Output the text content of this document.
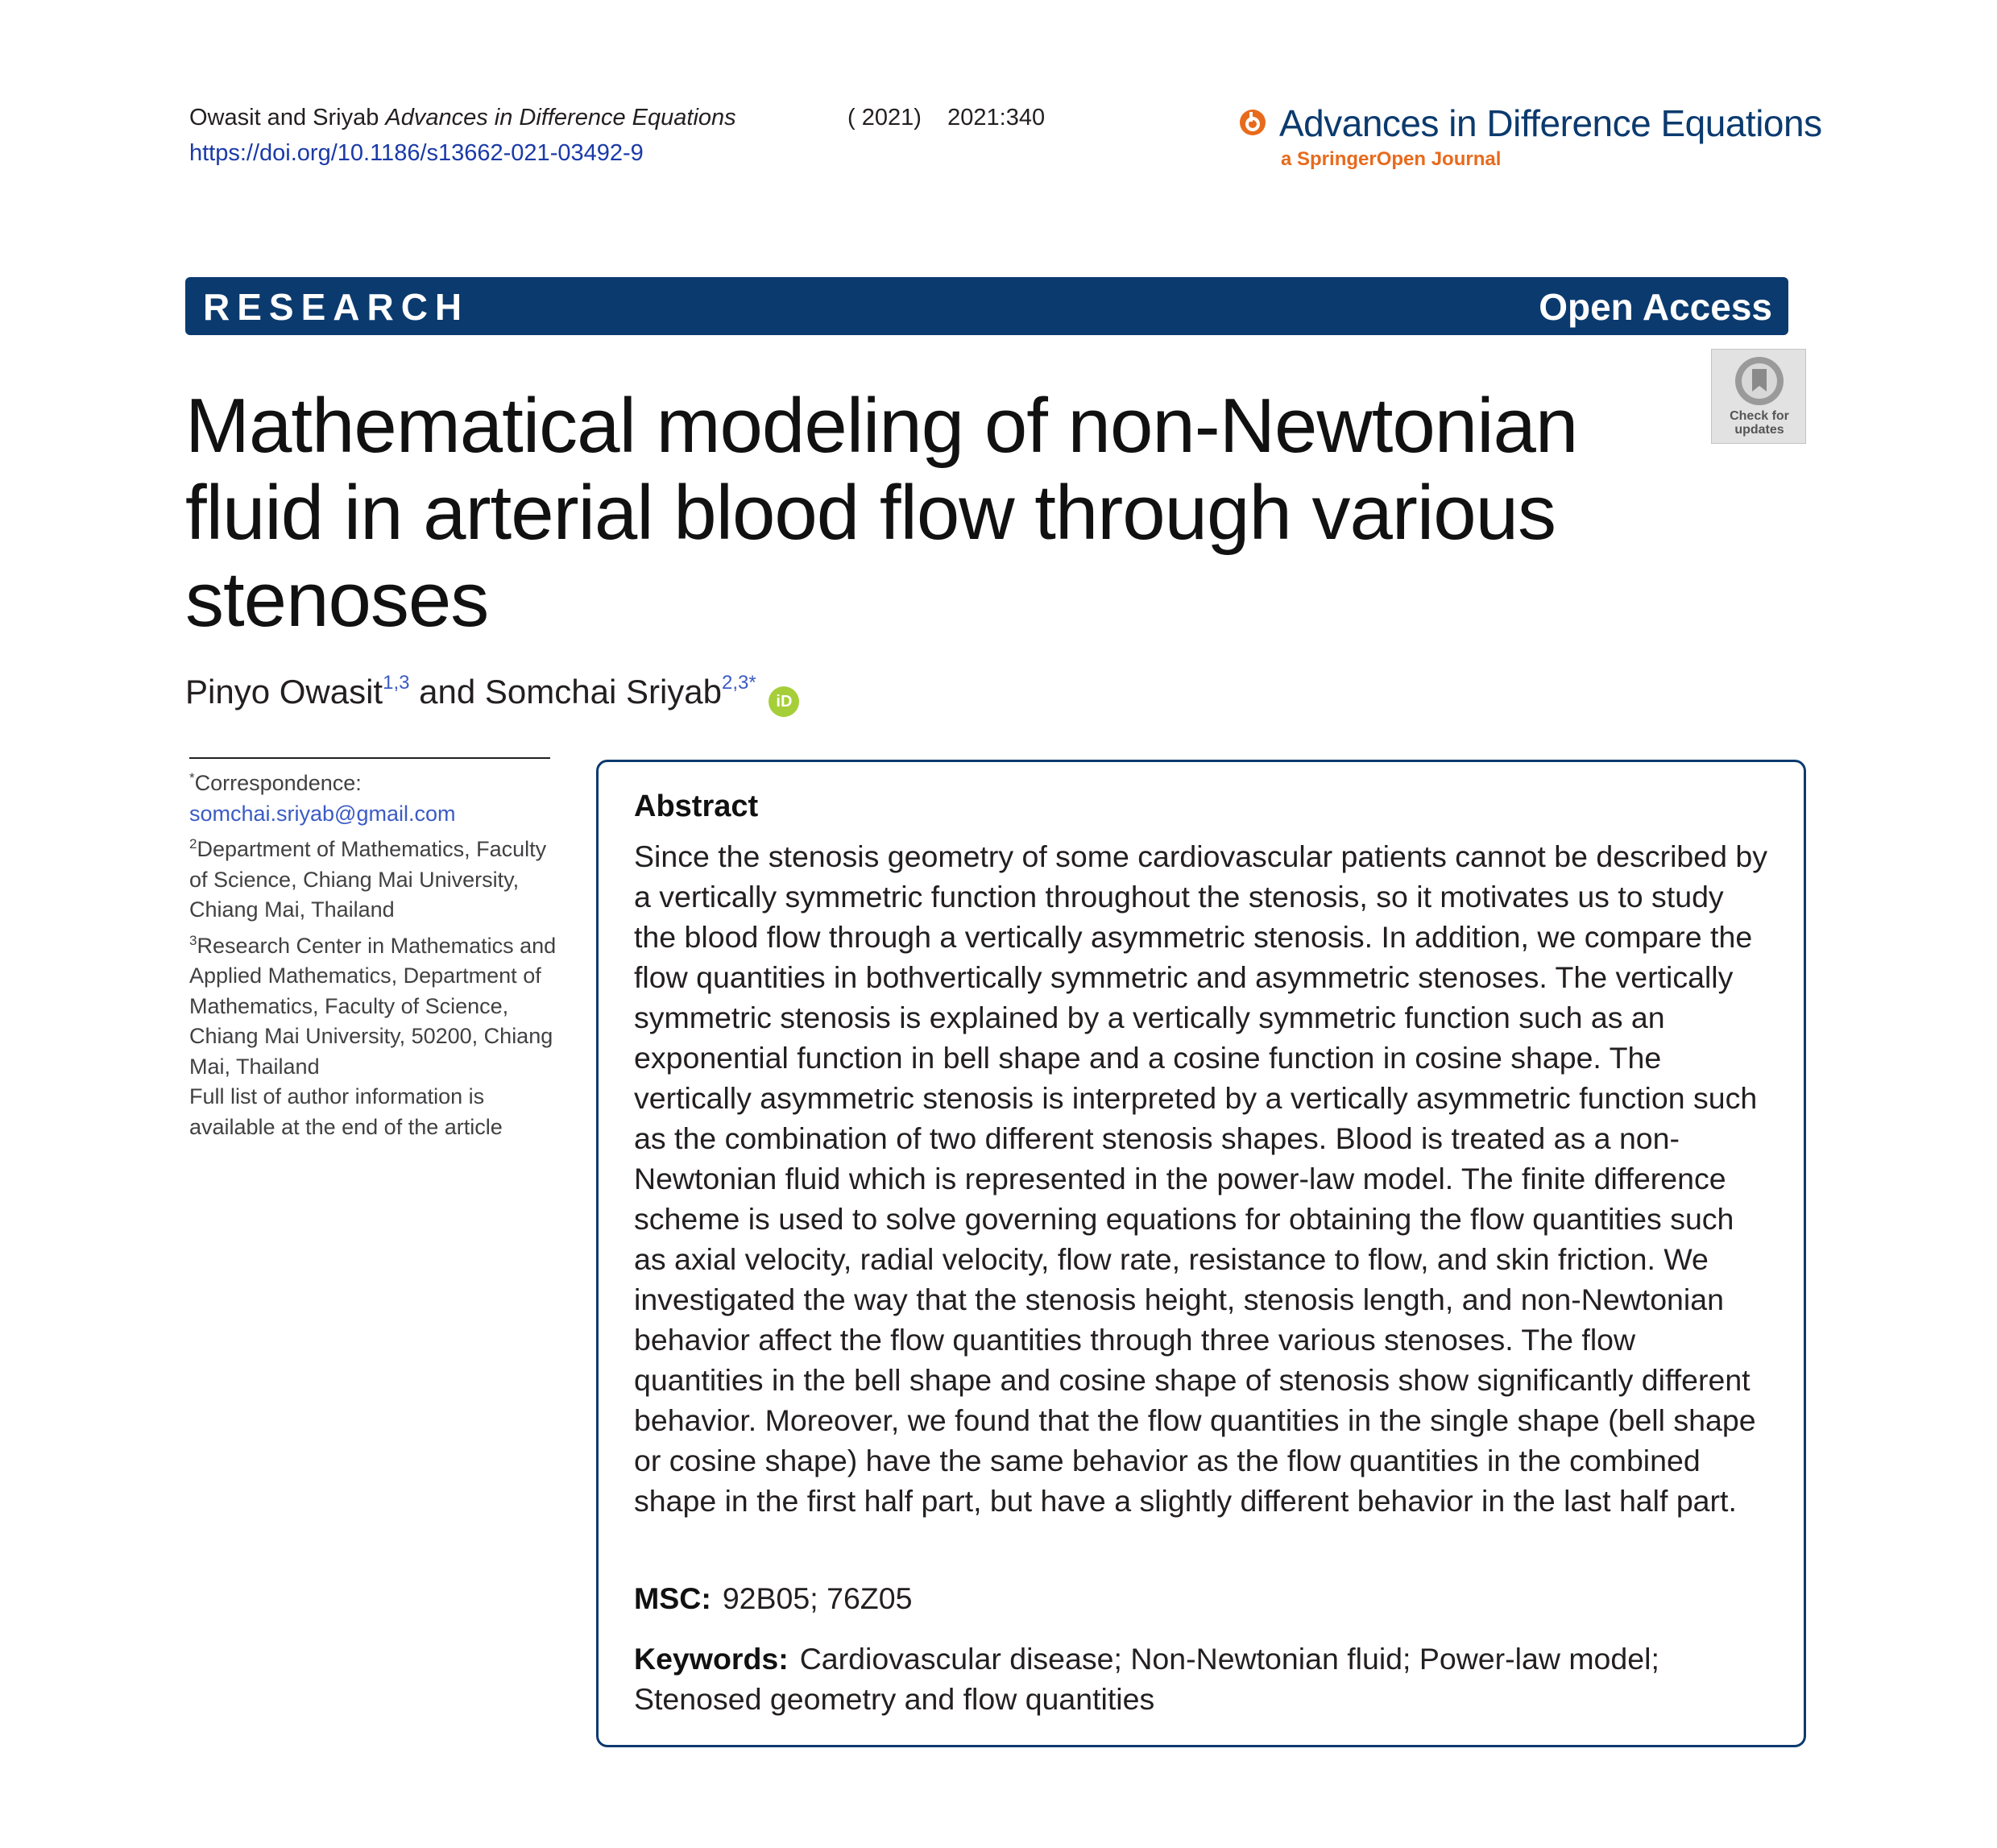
Owasit and Sriyab Advances in Difference Equations	( 2021) 2021:340
https://doi.org/10.1186/s13662-021-03492-9
Advances in Difference Equations
a SpringerOpen Journal
RESEARCH	Open Access
Check for
updates
Mathematical modeling of non-Newtonian fluid in arterial blood flow through various stenoses
Pinyo Owasit$^{1,3}$ and Somchai Sriyab$^{2,3*}$ iD

*Correspondence:

somchai.sriyab@gmail.com

$^2$Department of Mathematics, Faculty of Science, Chiang Mai University, Chiang Mai, Thailand

$^3$Research Center in Mathematics and Applied Mathematics, Department of Mathematics, Faculty of Science, Chiang Mai University, 50200, Chiang Mai, Thailand

Full list of author information is available at the end of the article

Abstract

Since the stenosis geometry of some cardiovascular patients cannot be described by a vertically symmetric function throughout the stenosis, so it motivates us to study the blood flow through a vertically asymmetric stenosis. In addition, we compare the flow quantities in bothvertically symmetric and asymmetric stenoses. The vertically symmetric stenosis is explained by a vertically symmetric function such as an exponential function in bell shape and a cosine function in cosine shape. The vertically asymmetric stenosis is interpreted by a vertically asymmetric function such as the combination of two different stenosis shapes. Blood is treated as a non-Newtonian fluid which is represented in the power-law model. The finite difference scheme is used to solve governing equations for obtaining the flow quantities such as axial velocity, radial velocity, flow rate, resistance to flow, and skin friction. We investigated the way that the stenosis height, stenosis length, and non-Newtonian behavior affect the flow quantities through three various stenoses. The flow quantities in the bell shape and cosine shape of stenosis show significantly different behavior. Moreover, we found that the flow quantities in the single shape (bell shape or cosine shape) have the same behavior as the flow quantities in the combined shape in the first half part, but have a slightly different behavior in the last half part.

MSC: 92B05; 76Z05
Keywords: Cardiovascular disease; Non-Newtonian fluid; Power-law model; Stenosed geometry and flow quantities
